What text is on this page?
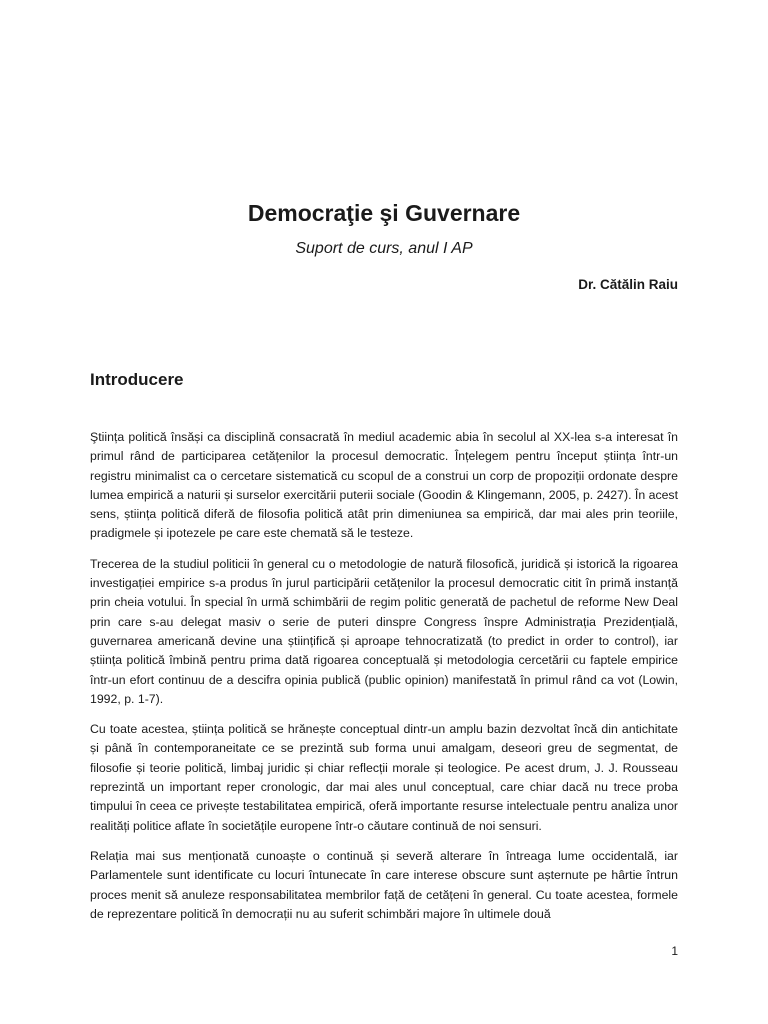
Democraţie şi Guvernare
Suport de curs, anul I AP
Dr. Cătălin Raiu
Introducere

Ştiința politică însăși ca disciplină consacrată în mediul academic abia în secolul al XX-lea s-a interesat în primul rând de participarea cetățenilor la procesul democratic. Înțelegem pentru început știința într-un registru minimalist ca o cercetare sistematică cu scopul de a construi un corp de propoziții ordonate despre lumea empirică a naturii și surselor exercitării puterii sociale (Goodin & Klingemann, 2005, p. 2427). În acest sens, știința politică diferă de filosofia politică atât prin dimeniunea sa empirică, dar mai ales prin teoriile, pradigmele și ipotezele pe care este chemată să le testeze.

Trecerea de la studiul politicii în general cu o metodologie de natură filosofică, juridică și istorică la rigoarea investigației empirice s-a produs în jurul participării cetățenilor la procesul democratic citit în primă instanță prin cheia votului. În special în urmă schimbării de regim politic generată de pachetul de reforme New Deal prin care s-au delegat masiv o serie de puteri dinspre Congress înspre Administrația Prezidențială, guvernarea americană devine una științifică și aproape tehnocratizată (to predict in order to control), iar știința politică îmbină pentru prima dată rigoarea conceptuală și metodologia cercetării cu faptele empirice într-un efort continuu de a descifra opinia publică (public opinion) manifestată în primul rând ca vot (Lowin, 1992, p. 1-7).

Cu toate acestea, știința politică se hrănește conceptual dintr-un amplu bazin dezvoltat încă din antichitate și până în contemporaneitate ce se prezintă sub forma unui amalgam, deseori greu de segmentat, de filosofie și teorie politică, limbaj juridic și chiar reflecții morale și teologice. Pe acest drum, J. J. Rousseau reprezintă un important reper cronologic, dar mai ales unul conceptual, care chiar dacă nu trece proba timpului în ceea ce privește testabilitatea empirică, oferă importante resurse intelectuale pentru analiza unor realități politice aflate în societățile europene într-o căutare continuă de noi sensuri.

Relația mai sus menționată cunoaște o continuă și severă alterare în întreaga lume occidentală, iar Parlamentele sunt identificate cu locuri întunecate în care interese obscure sunt așternute pe hârtie întrun proces menit să anuleze responsabilitatea membrilor față de cetățeni în general. Cu toate acestea, formele de reprezentare politică în democrații nu au suferit schimbări majore în ultimele două

1
